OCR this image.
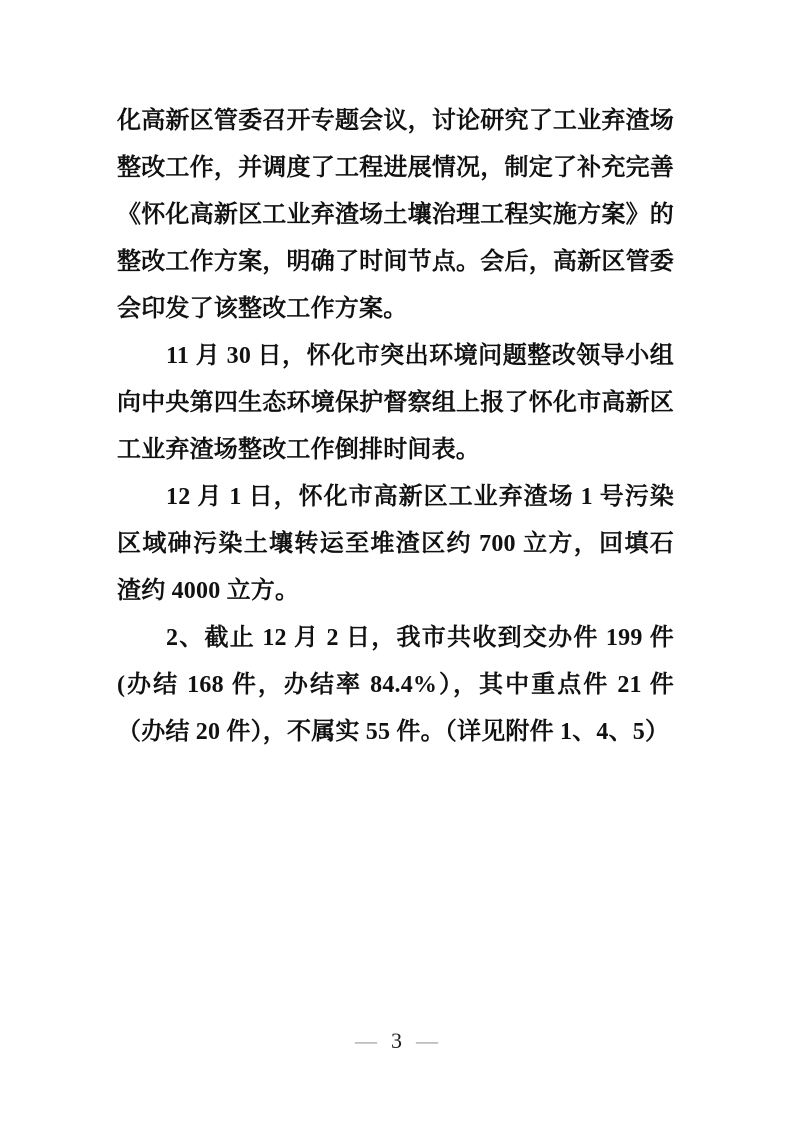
化高新区管委召开专题会议，讨论研究了工业弃渣场整改工作，并调度了工程进展情况，制定了补充完善《怀化高新区工业弃渣场土壤治理工程实施方案》的整改工作方案，明确了时间节点。会后，高新区管委会印发了该整改工作方案。

11 月 30 日，怀化市突出环境问题整改领导小组向中央第四生态环境保护督察组上报了怀化市高新区工业弃渣场整改工作倒排时间表。

12 月 1 日，怀化市高新区工业弃渣场 1 号污染区域砷污染土壤转运至堆渣区约 700 立方，回填石渣约 4000 立方。

2、截止 12 月 2 日，我市共收到交办件 199 件(办结 168 件，办结率 84.4%），其中重点件 21 件（办结 20 件），不属实 55 件。（详见附件 1、4、5）

— 3 —
